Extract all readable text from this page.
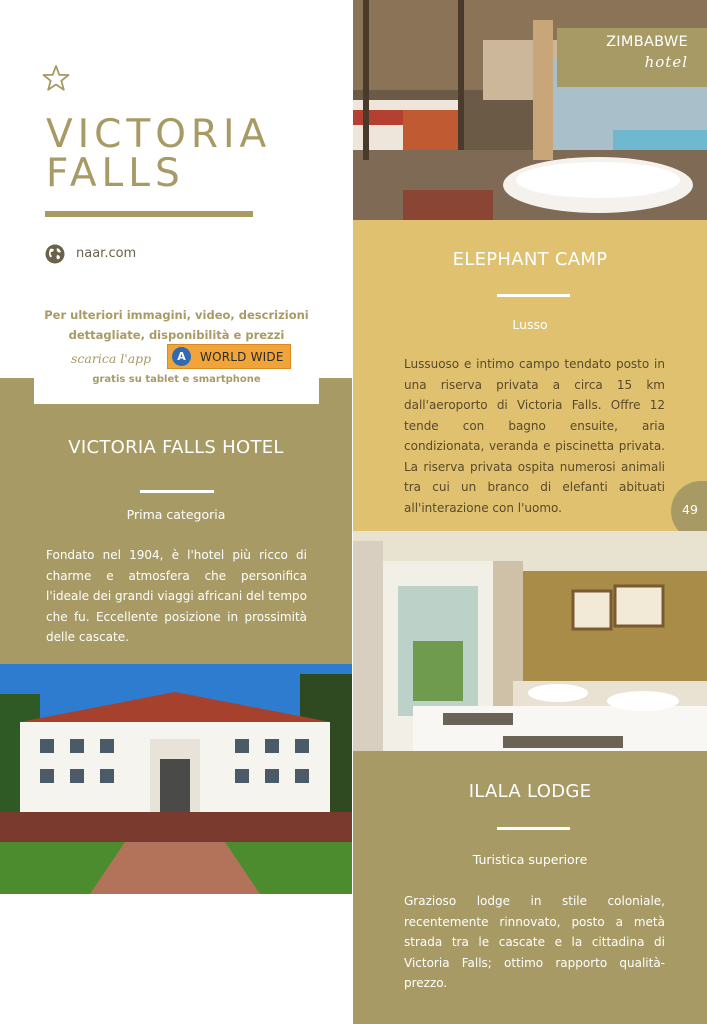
VICTORIA
FALLS
naar.com
Per ulteriori immagini, video, descrizioni
dettagliate, disponibilità e prezzi
scarica l'app	A	WORLD WIDE
gratis su tablet e smartphone
VICTORIA FALLS HOTEL
Prima categoria
Fondato nel 1904, è l'hotel più ricco di charme e atmosfera che personifica l'ideale dei grandi viaggi africani del tempo che fu. Eccellente posizione in prossimità delle cascate.
ZIMBABWE
hotel
ELEPHANT CAMP
Lusso
Lussuoso e intimo campo tendato posto in una riserva privata a circa 15 km dall'aeroporto di Victoria Falls. Offre 12 tende con bagno ensuite, aria condizionata, veranda e piscinetta privata. La riserva privata ospita numerosi animali tra cui un branco di elefanti abituati all'interazione con l'uomo.	49
ILALA LODGE
Turistica superiore
Grazioso lodge in stile coloniale, recentemente rinnovato, posto a metà strada tra le cascate e la cittadina di Victoria Falls; ottimo rapporto qualità-prezzo.
